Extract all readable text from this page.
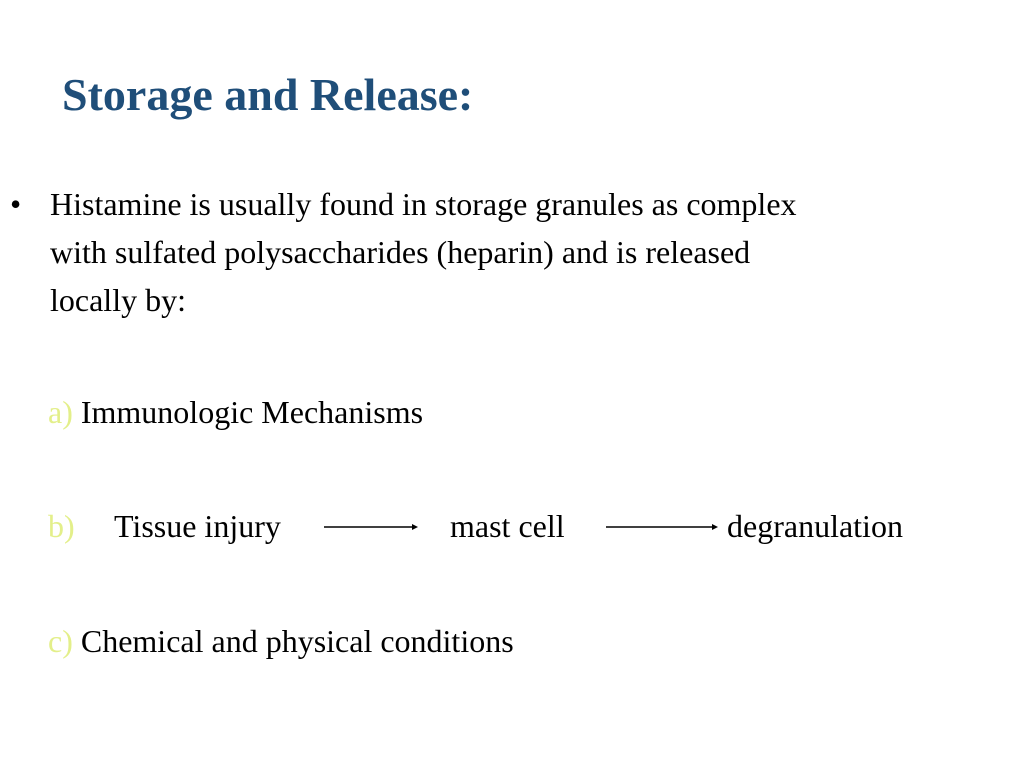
Storage and Release:
• Histamine is usually found in storage granules as complex
with sulfated polysaccharides (heparin) and is released
locally by:
a) Immunologic Mechanisms
b) Tissue injury	mast cell	degranulation
c) Chemical and physical conditions
